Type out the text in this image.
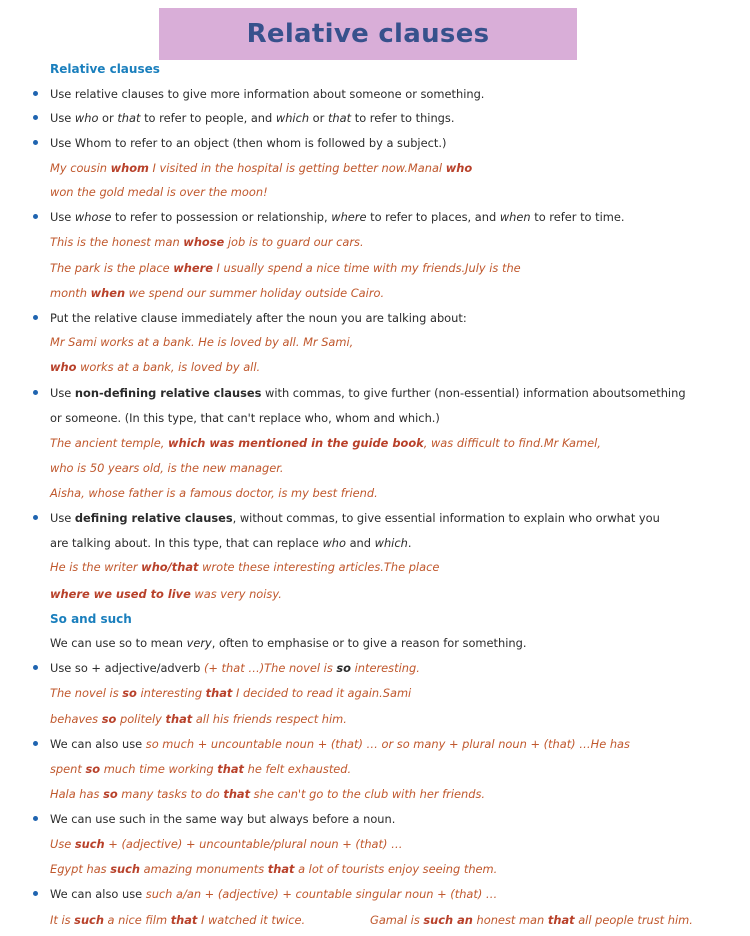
Relative clauses
Relative clauses
Use relative clauses to give more information about someone or something.
Use who or that to refer to people, and which or that to refer to things.
Use Whom to refer to an object (then whom is followed by a subject.)
My cousin whom I visited in the hospital is getting better now.Manal who
won the gold medal is over the moon!
Use whose to refer to possession or relationship, where to refer to places, and when to refer to time.
This is the honest man whose job is to guard our cars.
The park is the place where I usually spend a nice time with my friends.July is the
month when we spend our summer holiday outside Cairo.
Put the relative clause immediately after the noun you are talking about:
Mr Sami works at a bank. He is loved by all. Mr Sami,
who works at a bank, is loved by all.
Use non-defining relative clauses with commas, to give further (non-essential) information aboutsomething
or someone. (In this type, that can't replace who, whom and which.)
The ancient temple, which was mentioned in the guide book, was difficult to find.Mr Kamel,
who is 50 years old, is the new manager.
Aisha, whose father is a famous doctor, is my best friend.
Use defining relative clauses, without commas, to give essential information to explain who orwhat you
are talking about. In this type, that can replace who and which.
He is the writer who/that wrote these interesting articles.The place
where we used to live was very noisy.
So and such
We can use so to mean very, often to emphasise or to give a reason for something.
Use so + adjective/adverb (+ that …)The novel is so interesting.
The novel is so interesting that I decided to read it again.Sami
behaves so politely that all his friends respect him.
We can also use so much + uncountable noun + (that) … or so many + plural noun + (that) …He has
spent so much time working that he felt exhausted.
Hala has so many tasks to do that she can't go to the club with her friends.
We can use such in the same way but always before a noun.
Use such + (adjective) + uncountable/plural noun + (that) …
Egypt has such amazing monuments that a lot of tourists enjoy seeing them.
We can also use such a/an + (adjective) + countable singular noun + (that) …
It is such a nice film that I watched it twice.	Gamal is such an honest man that all people trust him.
